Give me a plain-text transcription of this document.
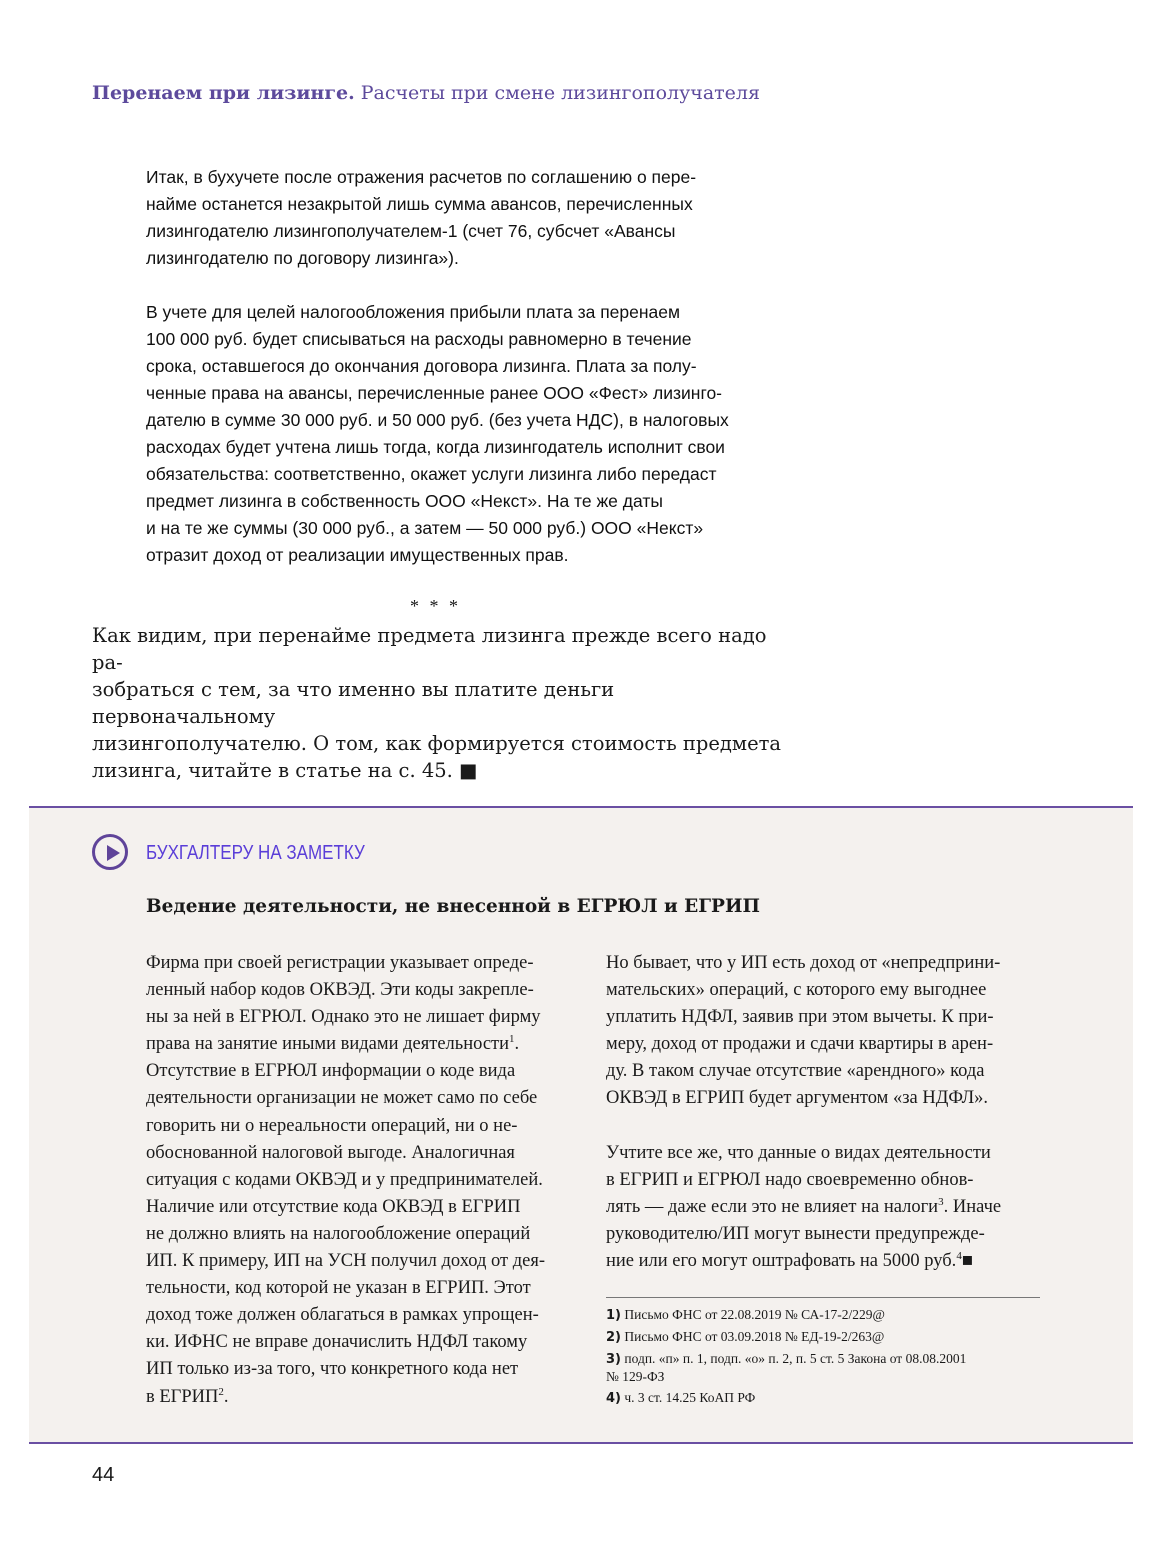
Перенаем при лизинге. Расчеты при смене лизингополучателя
Итак, в бухучете после отражения расчетов по соглашению о пере-
найме останется незакрытой лишь сумма авансов, перечисленных
лизингодателю лизингополучателем-1 (счет 76, субсчет «Авансы
лизингодателю по договору лизинга»).
В учете для целей налогообложения прибыли плата за перенаем
100 000 руб. будет списываться на расходы равномерно в течение
срока, оставшегося до окончания договора лизинга. Плата за полу-
ченные права на авансы, перечисленные ранее ООО «Фест» лизинго-
дателю в сумме 30 000 руб. и 50 000 руб. (без учета НДС), в налоговых
расходах будет учтена лишь тогда, когда лизингодатель исполнит свои
обязательства: соответственно, окажет услуги лизинга либо передаст
предмет лизинга в собственность ООО «Некст». На те же даты
и на те же суммы (30 000 руб., а затем — 50 000 руб.) ООО «Некст»
отразит доход от реализации имущественных прав.
* * *
Как видим, при перенайме предмета лизинга прежде всего надо ра-
зобраться с тем, за что именно вы платите деньги первоначальному
лизингополучателю. О том, как формируется стоимость предмета
лизинга, читайте в статье на с. 45. ■
БУХГАЛТЕРУ НА ЗАМЕТКУ
Ведение деятельности, не внесенной в ЕГРЮЛ и ЕГРИП
Фирма при своей регистрации указывает опреде-
ленный набор кодов ОКВЭД. Эти коды закрепле-
ны за ней в ЕГРЮЛ. Однако это не лишает фирму
права на занятие иными видами деятельности$^1$.
Отсутствие в ЕГРЮЛ информации о коде вида
деятельности организации не может само по себе
говорить ни о нереальности операций, ни о не-
обоснованной налоговой выгоде. Аналогичная
ситуация с кодами ОКВЭД и у предпринимателей.
Наличие или отсутствие кода ОКВЭД в ЕГРИП
не должно влиять на налогообложение операций
ИП. К примеру, ИП на УСН получил доход от дея-
тельности, код которой не указан в ЕГРИП. Этот
доход тоже должен облагаться в рамках упрощен-
ки. ИФНС не вправе доначислить НДФЛ такому
ИП только из-за того, что конкретного кода нет
в ЕГРИП$^2$.
Но бывает, что у ИП есть доход от «непредприни-
мательских» операций, с которого ему выгоднее
уплатить НДФЛ, заявив при этом вычеты. К при-
меру, доход от продажи и сдачи квартиры в арен-
ду. В таком случае отсутствие «арендного» кода
ОКВЭД в ЕГРИП будет аргументом «за НДФЛ».
Учтите все же, что данные о видах деятельности
в ЕГРИП и ЕГРЮЛ надо своевременно обнов-
лять — даже если это не влияет на налоги$^3$. Иначе
руководителю/ИП могут вынести предупрежде-
ние или его могут оштрафовать на 5000 руб.$^4$■
1) Письмо ФНС от 22.08.2019 № СА-17-2/229@
2) Письмо ФНС от 03.09.2018 № ЕД-19-2/263@
3) подп. «п» п. 1, подп. «о» п. 2, п. 5 ст. 5 Закона от 08.08.2001
№ 129-ФЗ
4) ч. 3 ст. 14.25 КоАП РФ
44
